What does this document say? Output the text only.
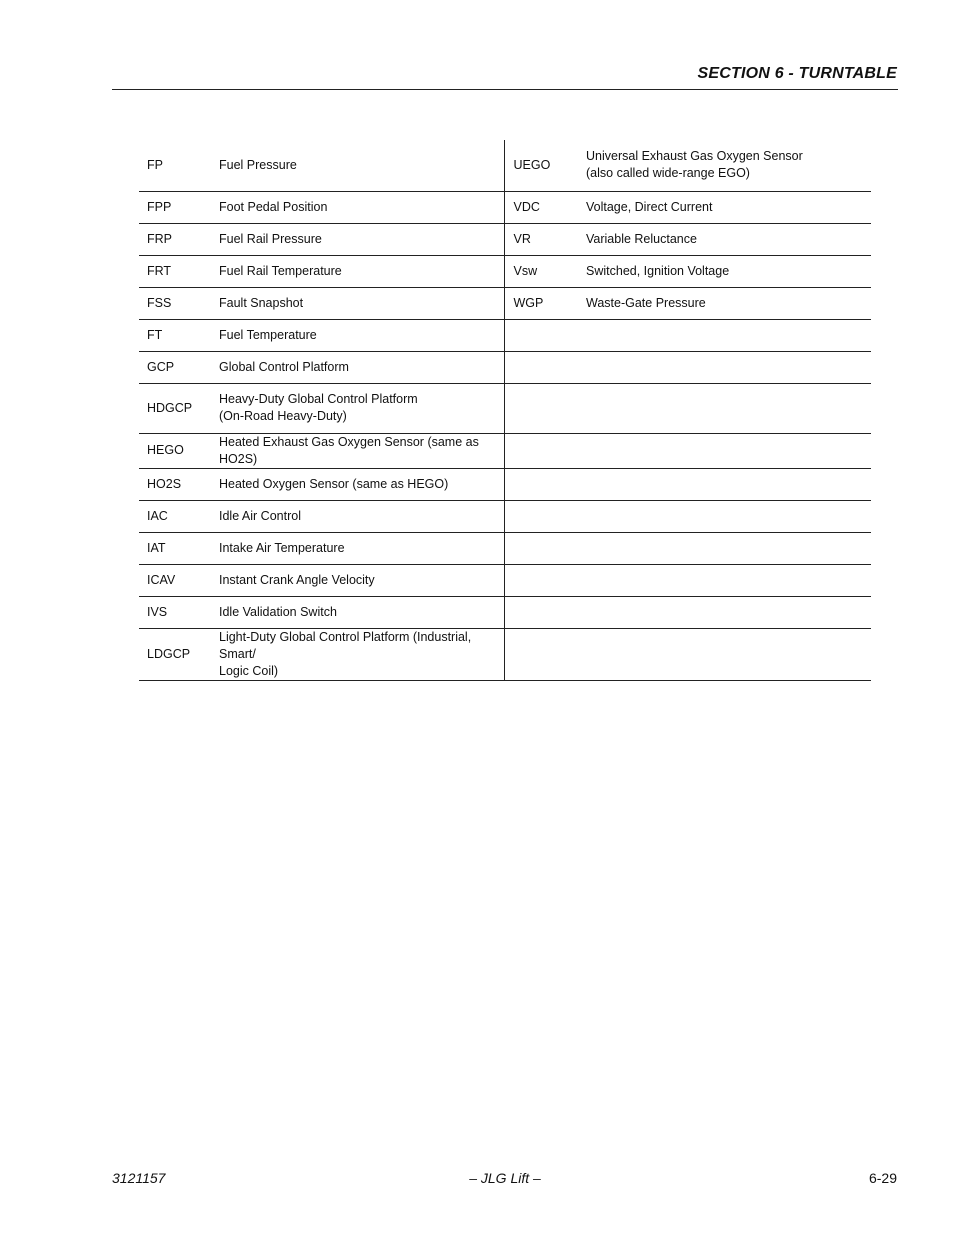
SECTION 6 - TURNTABLE
FP	Fuel Pressure	UEGO	Universal Exhaust Gas Oxygen Sensor
(also called wide-range EGO)
FPP	Foot Pedal Position	VDC	Voltage, Direct Current
FRP	Fuel Rail Pressure	VR	Variable Reluctance
FRT	Fuel Rail Temperature	Vsw	Switched, Ignition Voltage
FSS	Fault Snapshot	WGP	Waste-Gate Pressure
FT	Fuel Temperature		
GCP	Global Control Platform		
HDGCP	Heavy-Duty Global Control Platform
(On-Road Heavy-Duty)		
HEGO	Heated Exhaust Gas Oxygen Sensor (same as HO2S)		
HO2S	Heated Oxygen Sensor (same as HEGO)		
IAC	Idle Air Control		
IAT	Intake Air Temperature		
ICAV	Instant Crank Angle Velocity		
IVS	Idle Validation Switch		
LDGCP	Light-Duty Global Control Platform (Industrial, Smart/
Logic Coil)		
3121157	– JLG Lift –	6-29
